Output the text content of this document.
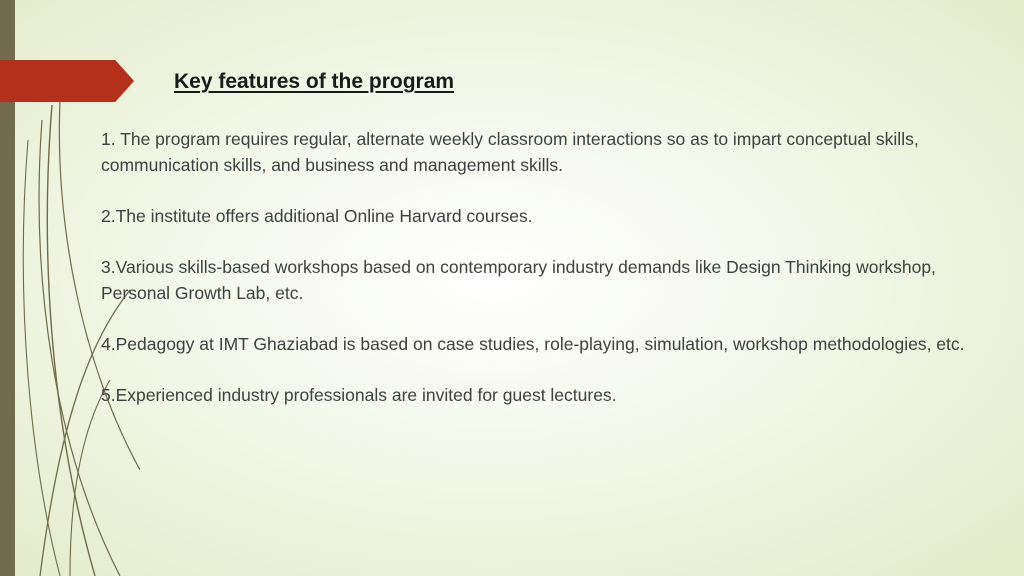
Key features of the program

1. The program requires regular, alternate weekly classroom interactions so as to impart conceptual skills, communication skills, and business and management skills.

2.The institute offers additional Online Harvard courses.

3.Various skills-based workshops based on contemporary industry demands like Design Thinking workshop, Personal Growth Lab, etc.

4.Pedagogy at IMT Ghaziabad is based on case studies, role-playing, simulation, workshop methodologies, etc.

5.Experienced industry professionals are invited for guest lectures.
